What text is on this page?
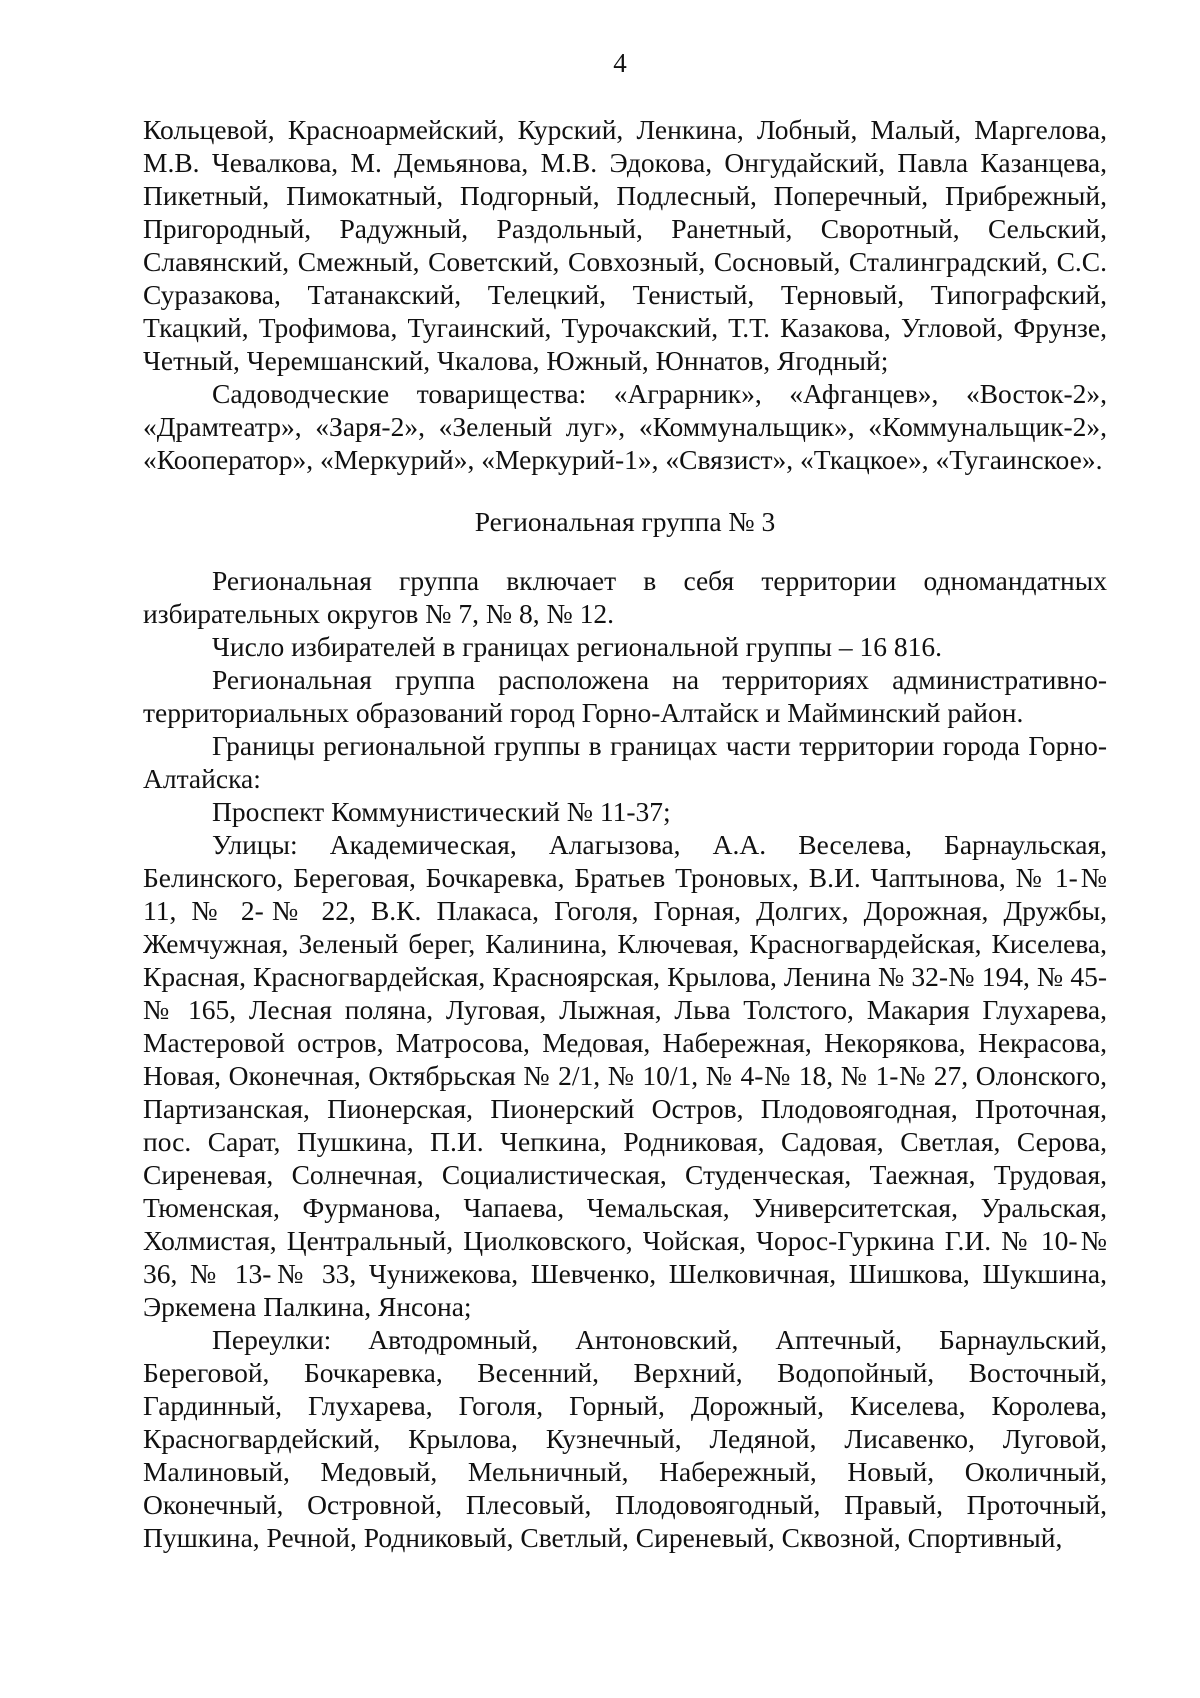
4

Кольцевой, Красноармейский, Курский, Ленкина, Лобный, Малый, Маргелова, М.В. Чевалкова, М. Демьянова, М.В. Эдокова, Онгудайский, Павла Казанцева, Пикетный, Пимокатный, Подгорный, Подлесный, Поперечный, Прибрежный, Пригородный, Радужный, Раздольный, Ранетный, Своротный, Сельский, Славянский, Смежный, Советский, Совхозный, Сосновый, Сталинградский, С.С. Суразакова, Татанакский, Телецкий, Тенистый, Терновый, Типографский, Ткацкий, Трофимова, Тугаинский, Турочакский, Т.Т. Казакова, Угловой, Фрунзе, Четный, Черемшанский, Чкалова, Южный, Юннатов, Ягодный;

Садоводческие товарищества: «Аграрник», «Афганцев», «Восток-2», «Драмтеатр», «Заря-2», «Зеленый луг», «Коммунальщик», «Коммунальщик-2», «Кооператор», «Меркурий», «Меркурий-1», «Связист», «Ткацкое», «Тугаинское».

Региональная группа № 3

Региональная группа включает в себя территории одномандатных избирательных округов № 7, № 8, № 12.

Число избирателей в границах региональной группы – 16 816.

Региональная группа расположена на территориях административно-территориальных образований город Горно-Алтайск и Майминский район.

Границы региональной группы в границах части территории города Горно-Алтайска:

Проспект Коммунистический № 11-37;

Улицы: Академическая, Алагызова, А.А. Веселева, Барнаульская, Белинского, Береговая, Бочкаревка, Братьев Троновых, В.И. Чаптынова, № 1-№ 11, № 2-№ 22, В.К. Плакаса, Гоголя, Горная, Долгих, Дорожная, Дружбы, Жемчужная, Зеленый берег, Калинина, Ключевая, Красногвардейская, Киселева, Красная, Красногвардейская, Красноярская, Крылова, Ленина № 32-№ 194, № 45-№ 165, Лесная поляна, Луговая, Лыжная, Льва Толстого, Макария Глухарева, Мастеровой остров, Матросова, Медовая, Набережная, Некорякова, Некрасова, Новая, Оконечная, Октябрьская № 2/1, № 10/1, № 4-№ 18, № 1-№ 27, Олонского, Партизанская, Пионерская, Пионерский Остров, Плодовоягодная, Проточная, пос. Сарат, Пушкина, П.И. Чепкина, Родниковая, Садовая, Светлая, Серова, Сиреневая, Солнечная, Социалистическая, Студенческая, Таежная, Трудовая, Тюменская, Фурманова, Чапаева, Чемальская, Университетская, Уральская, Холмистая, Центральный, Циолковского, Чойская, Чорос-Гуркина Г.И. № 10-№ 36, № 13-№ 33, Чунижекова, Шевченко, Шелковичная, Шишкова, Шукшина, Эркемена Палкина, Янсона;

Переулки: Автодромный, Антоновский, Аптечный, Барнаульский, Береговой, Бочкаревка, Весенний, Верхний, Водопойный, Восточный, Гардинный, Глухарева, Гоголя, Горный, Дорожный, Киселева, Королева, Красногвардейский, Крылова, Кузнечный, Ледяной, Лисавенко, Луговой, Малиновый, Медовый, Мельничный, Набережный, Новый, Околичный, Оконечный, Островной, Плесовый, Плодовоягодный, Правый, Проточный, Пушкина, Речной, Родниковый, Светлый, Сиреневый, Сквозной, Спортивный,
